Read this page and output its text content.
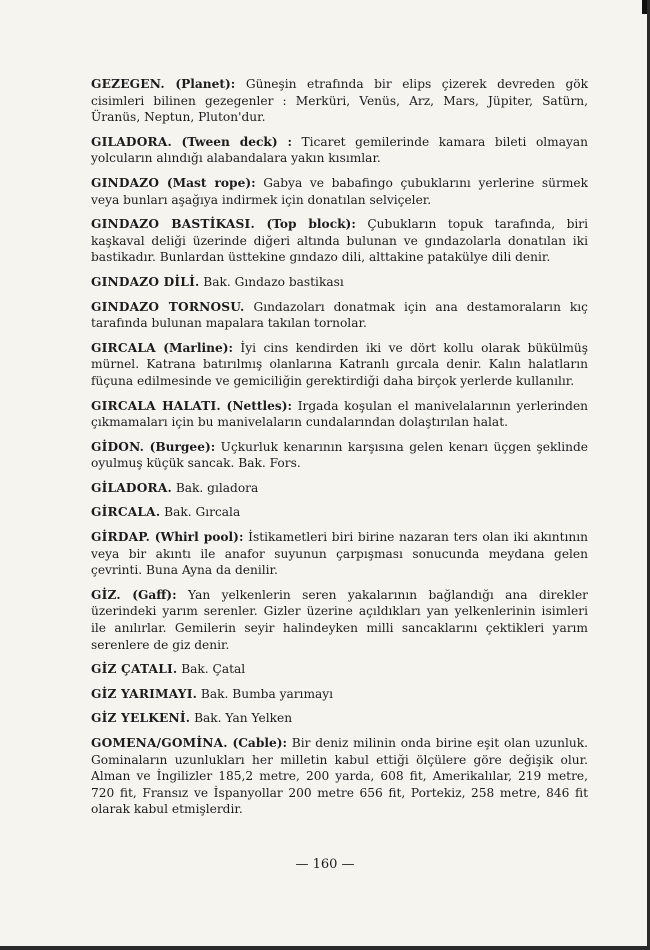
GEZEGEN. (Planet): Güneşin etrafında bir elips çizerek devreden gök cisimleri bilinen gezegenler : Merküri, Venüs, Arz, Mars, Jüpiter, Satürn, Üranüs, Neptun, Pluton'dur.

GILADORA. (Tween deck) : Ticaret gemilerinde kamara bileti olmayan yolcuların alındığı alabandalara yakın kısımlar.

GINDAZO (Mast rope): Gabya ve babafingo çubuklarını yerlerine sürmek veya bunları aşağıya indirmek için donatılan selviçeler.

GINDAZO BASTİKASI. (Top block): Çubukların topuk tarafında, biri kaşkaval deliği üzerinde diğeri altında bulunan ve gındazolarla donatılan iki bastikadır. Bunlardan üsttekine gındazo dili, alttakine patakülye dili denir.

GINDAZO DİLİ. Bak. Gındazo bastikası

GINDAZO TORNOSU. Gındazoları donatmak için ana destamoraların kıç tarafında bulunan mapalara takılan tornolar.

GIRCALA (Marline): İyi cins kendirden iki ve dört kollu olarak bükülmüş mürnel. Katrana batırılmış olanlarına Katranlı gırcala denir. Kalın halatların füçuna edilmesinde ve gemiciliğin gerektirdiği daha birçok yerlerde kullanılır.

GIRCALA HALATI. (Nettles): Irgada koşulan el manivelalarının yerlerinden çıkmamaları için bu manivelaların cundalarından dolaştırılan halat.

GİDON. (Burgee): Uçkurluk kenarının karşısına gelen kenarı üçgen şeklinde oyulmuş küçük sancak. Bak. Fors.

GİLADORA. Bak. gıladora

GİRCALA. Bak. Gırcala

GİRDAP. (Whirl pool): İstikametleri biri birine nazaran ters olan iki akıntının veya bir akıntı ile anafor suyunun çarpışması sonucunda meydana gelen çevrinti. Buna Ayna da denilir.

GİZ. (Gaff): Yan yelkenlerin seren yakalarının bağlandığı ana direkler üzerindeki yarım serenler. Gizler üzerine açıldıkları yan yelkenlerinin isimleri ile anılırlar. Gemilerin seyir halindeyken milli sancaklarını çektikleri yarım serenlere de giz denir.

GİZ ÇATALI. Bak. Çatal

GİZ YARIMAYI. Bak. Bumba yarımayı

GİZ YELKENİ. Bak. Yan Yelken

GOMENA/GOMİNA. (Cable): Bir deniz milinin onda birine eşit olan uzunluk. Gominaların uzunlukları her milletin kabul ettiği ölçülere göre değişik olur. Alman ve İngilizler 185,2 metre, 200 yarda, 608 fit, Amerikalılar, 219 metre, 720 fit, Fransız ve İspanyollar 200 metre 656 fit, Portekiz, 258 metre, 846 fit olarak kabul etmişlerdir.

— 160 —
